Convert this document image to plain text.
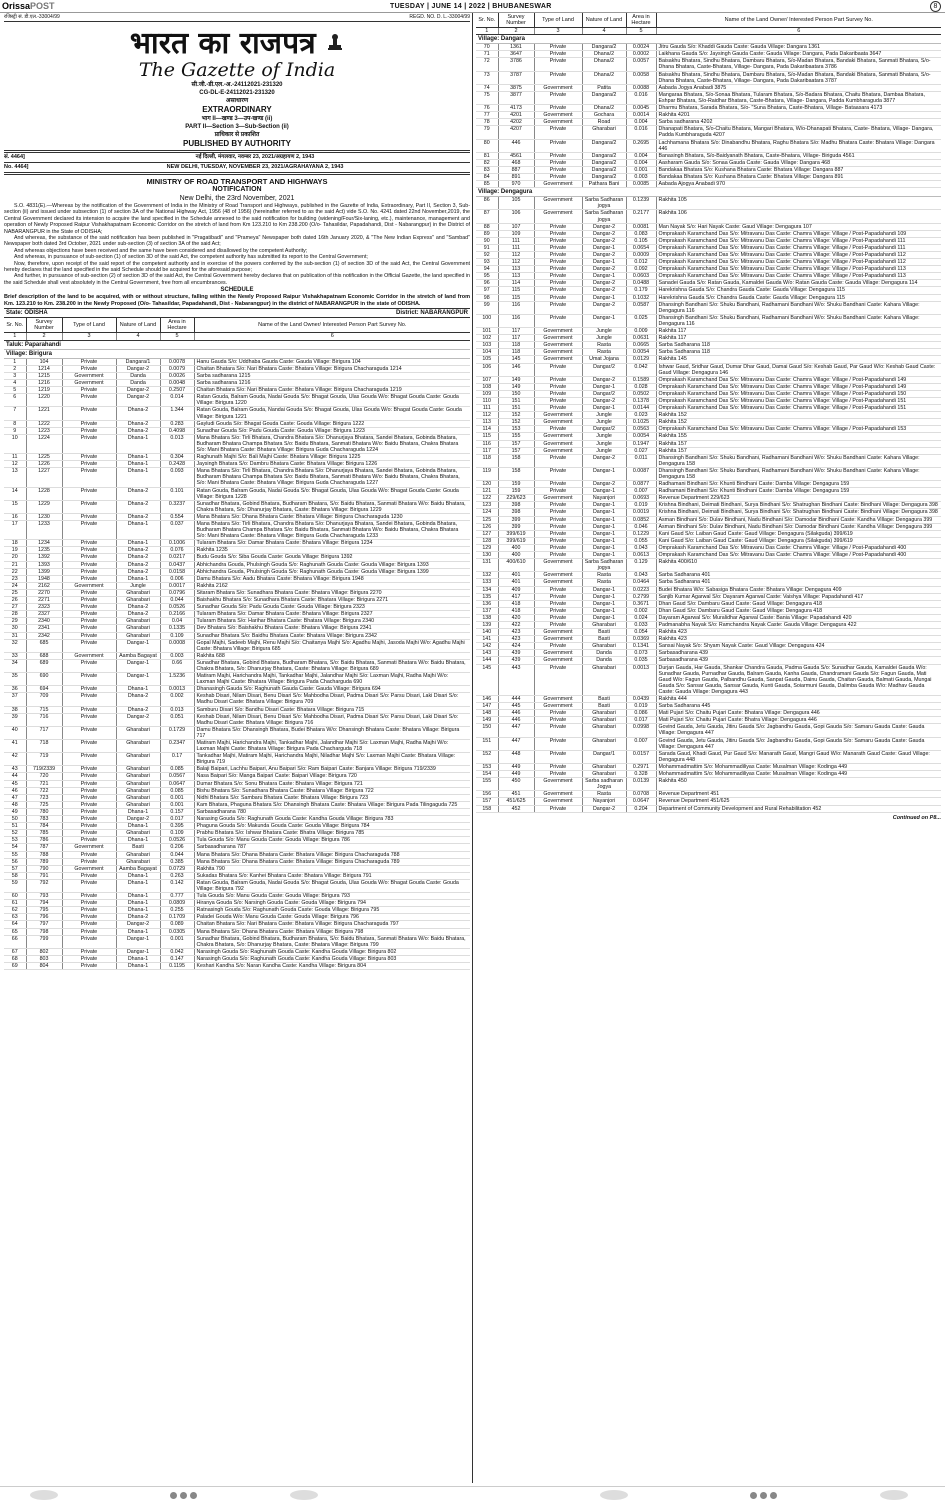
OrissaPOST	TUESDAY | JUNE 14 | 2022 | BHUBANESWAR	8
रजिस्ट्री सं. डी.एल.-33004/99	REGD. NO. D. L.-33004/99
भारत का राजपत्र
The Gazette of India
सी.जी.-डी.एल.-अ.-24112021-231320
CG-DL-E-24112021-231320
असाधारण
EXTRAORDINARY
भाग II—खण्ड 3—उप-खण्ड (ii)
PART II—Section 3—Sub-Section (ii)
प्राधिकार से प्रकाशित
PUBLISHED BY AUTHORITY
सं. 4464]	नई दिल्ली, मंगलवार, नवम्बर 23, 2021/अग्रहायण 2, 1943
No. 4464]	NEW DELHI, TUESDAY, NOVEMBER 23, 2021/AGRAHAYANA 2, 1943
MINISTRY OF ROAD TRANSPORT AND HIGHWAYS
NOTIFICATION
New Delhi, the 23rd November, 2021

S.O. 4831(E).—Whereas by the notification of the Government of India in the Ministry of Road Transport and Highways, published in the Gazette of India, Extraordinary, Part II, Section 3, Sub-section (ii) and issued under subsection (1) of section 3A of the National Highway Act, 1956 (48 of 1956) (hereinafter referred to as the said Act) vide S.O. No. 4241 dated 22nd November,2019, the Central Government declared its intension to acquire the land specified in the Schedule annexed to the said notification for building (widening/Four/Six-laning, etc.), maintenance, management and operation of Newly Proposed Raipur Vishakhapatnam Economic Corridor on the stretch of land from Km 123.210 to Km 238.200 (O/o- Tahasildar, Papadahandi, Dist - Nabarangpur) in the District of NABARANGPUR in the State of ODISHA;

And whereas, the substance of the said notification has been published in "Pragatibadi" and "Prameya" Newspaper both dated 16th January 2020, & "The New Indian Express" and "Sambad" Newspaper both dated 3rd October, 2021 under sub-section (3) of section 3A of the said Act;

And whereas objections have been received and the same have been considered and disallowed by the competent Authority;

And whereas, in pursuance of sub-section (1) of section 3D of the said Act, the competent authority has submitted its report to the Central Government;

Now, therefore, upon receipt of the said report of the competent authority and in exercise of the powers conferred by the sub-section (1) of section 3D of the said Act, the Central Government hereby declares that the land specified in the said Schedule should be acquired for the aforesaid purpose;

And further, in pursuance of sub-section (2) of section 3D of the said Act, the Central Government hereby declares that on publication of this notification in the Official Gazette, the land specified in the said Schedule shall vest absolutely in the Central Government, free from all encumbrances.

SCHEDULE
Brief description of the land to be acquired, with or without structure, falling within the Newly Proposed Raipur Vishakhapatnam Economic Corridor in the stretch of land from Km. 123.210 to Km. 238.200 in the Newly Proposed (O/o- Tahasildar, Papadahandi, Dist - Nabarangpur) in the district of NABARANGPUR in the state of ODISHA.
State: ODISHA	District: NABARANGPUR
Sr. No.	Survey Number	Type of Land	Nature of Land	Area in Hectare	Name of the Land Owner/ Interested Person Part Survey No.
1	2	3	4	5	6
Taluk: Paparahandi					
Village: Birigura					
1	104	Private	Dangara/1	0.0078	Hanu Gauda S/o: Uddhaba Gauda Caste: Gauda Village: Birigura 104
2	1214	Private	Dangar-2	0.0079	Chaitan Bhatara S/o: Nari Bhatara Caste: Bhatara Village: Birigura Chacharaguda 1214
3	1215	Government	Danda	0.0026	Sarba sadharana 1215
4	1216	Government	Danda	0.0048	Sarba sadharana 1216
5	1219	Private	Dangar-2	0.2507	Chaitan Bhatara S/o: Nari Bhatara Caste: Bhatara Village: Birigura Chacharaguda 1219
6	1220	Private	Dangar-2	0.014	Ratan Gouda, Balram Gouda, Nadai Gouda S/o: Bhagat Gouda, Ulas Gouda W/o: Bhagat Gouda Caste: Gouda Village: Birigura 1220
7	1221	Private	Dhana-2	1.344	Ratan Gouda, Balram Gouda, Nandai Gouda S/o: Bhagat Gouda, Ulas Gouda W/o: Bhagat Gouda Caste: Gouda Village: Birigura 1221
8	1222	Private	Dhana-2	0.283	Gayludi Gouda S/o: Bhagat Gouda Caste: Gouda Village: Birigura 1222
9	1223	Private	Dhana-2	0.4098	Sunadhar Gouda S/o: Padu Gouda Caste: Gouda Village: Birigura 1223
10	1224	Private	Dhana-1	0.013	Mana Bhatara S/o: Tirli Bhatara, Chandra Bhatara S/o: Dhanurjaya Bhatara, Sandei Bhatara, Gobinda Bhatara, Budharam Bhatara Champa Bhatara S/o: Baidu Bhatara, Sanmati Bhatara W/o: Baidu Bhatara, Chakra Bhatara S/o: Mani Bhatara Caste: Bhatara Village: Birigura Guda Chacharaguda 1224
11	1225	Private	Dhana-1	0.304	Raghunath Majhi S/o: Bali Majhi Caste: Bhatara Village: Birigura 1225
12	1226	Private	Dhana-1	0.2428	Jaysingh Bhatara S/o: Dambru Bhatara Caste: Bhatara Village: Birigura 1226
13	1227	Private	Dhana-1	0.093	Mana Bhatara S/o: Tirli Bhatara, Chandra Bhatara S/o: Dhanurjaya Bhatara, Sandei Bhatara, Gobinda Bhatara, Budharam Bhatara Champa Bhatara S/o: Baidu Bhatara, Sanmati Bhatara W/o: Baidu Bhatara, Chakra Bhatara, S/o: Mani Bhatara Caste: Bhatara Village: Birigura Guda Chacharaguda 1227
14	1228	Private	Dhana-2	0.101	Ratan Gouda, Balram Gouda, Nadai Gouda S/o: Bhagat Gouda, Ulas Gouda W/o: Bhagat Gouda Caste: Gouda Village: Birigura 1228
15	1229	Private	Dhana-2	0.3237	Sunadhar Bhatara, Gobind Bhatara, Budharam Bhatara, S/o: Baidu Bhatara, Sanmati Bhatara W/o: Baidu Bhatara, Chakra Bhatara, S/o: Dhanurjay Bhatara, Caste: Bhatara Village: Birigura 1229
16	1230	Private	Dhana-2	0.554	Mana Bhatara S/o: Dhana Bhatara Caste: Bhatara Village: Birigura Chacharaguda 1230
17	1233	Private	Dhana-1	0.037	Mana Bhatara S/o: Tirli Bhatara, Chandra Bhatara S/o: Dhanurjaya Bhatara, Sandei Bhatara, Gobinda Bhatara, Budharam Bhatara Champa Bhatara S/o: Baidu Bhatara, Sanmati Bhatara W/o: Baidu Bhatara, Chakra Bhatara S/o: Mani Bhatara Caste: Bhatara Village: Birigura Guda Chacharaguda 1233
18	1234	Private	Dhana-1	0.1006	Tularam Bhatara S/o: Damar Bhatara Caste: Bhatara Village: Birigura 1234
19	1235	Private	Dhana-2	0.076	Rakhita 1235
20	1392	Private	Dhana-2	0.0217	Budu Gouda S/o: Siba Gouda Caste: Gouda Village: Birigura 1392
21	1393	Private	Dhana-2	0.0437	Abhichandra Gouda, Phulsingh Gouda S/o: Raghunath Gouda Caste: Gouda Village: Birigura 1393
22	1399	Private	Dhana-2	0.0158	Abhichandra Gouda, Phulsingh Gouda S/o: Raghunath Gouda Caste: Gouda Village: Birigura 1399
23	1948	Private	Dhana-1	0.006	Damu Bhatara S/o: Aadu Bhatara Caste: Bhatara Village: Birigura 1948
24	2162	Government	Jungle	0.0017	Rakhita 2162
25	2270	Private	Gharabari	0.0796	Sitaram Bhatara S/o: Sunadhara Bhatara Caste: Bhatara Village: Birigura 2270
26	2271	Private	Gharabari	0.044	Baishakhu Bhatara S/o: Sunadhara Bhatara Caste: Bhatara Village: Birigura 2271
27	2323	Private	Dhana-2	0.0526	Sunadhar Gouda S/o: Padu Gouda Caste: Gouda Village: Birigura 2323
28	2327	Private	Dhana-2	0.2166	Tularam Bhatara S/o: Damar Bhatara Caste: Bhatara Village: Birigura 2327
29	2340	Private	Gharabari	0.04	Tularam Bhatara S/o: Harihar Bhatara Caste: Bhatara Village: Birigura 2340
30	2341	Private	Gharabari	0.1335	Dev Bhatara S/o: Baishakhu Bhatara Caste: Bhatara Village: Birigura 2341
31	2342	Private	Gharabari	0.109	Sunadhar Bhatara S/o: Baidhu Bhatara Caste: Bhatara Village: Birigura 2342
32	685	Private	Dangar-1	0.0008	Gopal Majhi, Sadeeb Majhi, Renu Majhi S/o: Chaitanya Majhi S/o: Agadhu Majhi, Jasoda Majhi W/o: Agadhu Majhi Caste: Bhatara Village: Birigura 685
33	688	Government	Aamba Bagayat	0.003	Rakhita 688
34	689	Private	Dangar-1	0.66	Sunadhar Bhatara, Gobind Bhatara, Budharam Bhatara, S/o: Baidu Bhatara, Sanmati Bhatara W/o: Baidu Bhatara, Chakra Bhatara, S/o: Dhanurjay Bhatara, Caste: Bhatara Village: Birigura 689
35	690	Private	Dangar-1	1.5236	Matiram Majhi, Harichandra Majhi, Tankadhar Majhi, Jalandhar Majhi S/o: Laxman Majhi, Radha Majhi W/o: Laxman Majhi Caste: Bhatara Village: Birigura Pada Chacharguda 690
36	694	Private	Dhana-1	0.0013	Dhanasingh Gauda S/o: Raghunath Gauda Caste: Gauda Village: Birigura 694
37	709	Private	Dhana-2	0.002	Keshab Disari, Nilam Disari, Benu Disari S/o: Mahbodha Disari, Padma Disari S/o: Parsu Disari, Laki Disari S/o: Madhu Disari Caste: Bhatara Village: Birigura 709
38	715	Private	Dhana-2	0.013	Samburu Disari S/o: Bandhu Disari Caste: Bhatara Village: Birigura 715
39	716	Private	Dangar-2	0.051	Keshab Disari, Nilam Disari, Benu Disari S/o: Mahbodha Disari, Padma Disari S/o: Parsu Disari, Laki Disari S/o: Madhu Disari Caste: Bhatara Village: Birigura 716
40	717	Private	Gharabari	0.1729	Damu Bhatara S/o: Dhansingh Bhatara, Budei Bhatara W/o: Dhansingh Bhatara Caste: Bhatara Village: Birigura 717
41	718	Private	Gharabari	0.2347	Matiram Majhi, Harichandra Majhi, Tankadhar Majhi, Jalandhar Majhi S/o: Laxman Majhi, Radha Majhi W/o: Laxman Majhi Caste: Bhatara Village: Birigura Pada Chacharguda 718
42	719	Private	Gharabari	0.17	Tankadhar Majhi, Matiram Majhi, Harichandra Majhi, Niladhar Majhi S/o: Laxman Majhi Caste: Bhatara Village: Birigura 719
43	719/2339	Private	Gharabari	0.085	Balaji Baipari, Lachhu Baipari, Anu Baipari S/o: Ram Baipari Caste: Banjara Village: Birigura 719/2339
44	720	Private	Gharabari	0.0567	Nasa Baipari S/o: Manga Baipari Caste: Baipari Village: Birigura 720
45	721	Private	Gharabari	0.0647	Dumar Bhatara S/o: Sonu Bhatara Caste: Bhatara Village: Birigura 721
46	722	Private	Gharabari	0.085	Bishu Bhatara S/o: Sunadhara Bhatara Caste: Bhatara Village: Birigura 722
47	723	Private	Gharabari	0.001	Nidhi Bhatara S/o: Sambaru Bhatara Caste: Bhatara Village: Birigura 723
48	725	Private	Gharabari	0.001	Kam Bhatara, Phaguna Bhatara S/o: Dhansingh Bhatara Caste: Bhatara Village: Birigura Pada Tilingaguda 725
49	780	Private	Dhana-1	0.157	Sarbasadharana 780
50	783	Private	Dangar-2	0.017	Narasing Gouda S/o: Raghunath Gouda Caste: Kandha Gouda Village: Birigura 783
51	784	Private	Dhana-1	0.395	Phaguna Gouda S/o: Makunda Gouda Caste: Gouda Village: Birigura 784
52	785	Private	Gharabari	0.109	Prabhu Bhatara S/o: Ishwar Bhatara Caste: Bhatra Village: Birigura 785
53	786	Private	Dhana-1	0.0526	Tula Gouda S/o: Manu Gouda Caste: Gouda Village: Birigura 786
54	787	Government	Basti	0.206	Sarbasadharana 787
55	788	Private	Gharabari	0.044	Mana Bhatara S/o: Dhana Bhatara Caste: Bhatara Village: Birigura Chacharaguda 788
56	789	Private	Gharabari	0.385	Mana Bhatara S/o: Dhana Bhatara Caste: Bhatara Village: Birigura Chacharaguda 789
57	790	Government	Aamba Bagayat	0.0729	Rakhita 790
58	791	Private	Dhana-1	0.263	Sukadas Bhatara S/o: Kanhei Bhatara Caste: Bhatara Village: Birigura 791
59	792	Private	Dhana-1	0.142	Ratan Gouda, Balram Gouda, Nadai Gouda S/o: Bhagat Gouda, Ulas Gouda W/o: Bhagat Gouda Caste: Gouda Village: Birigura 792
60	793	Private	Dhana-1	0.777	Tula Gouda S/o: Manu Gouda Caste: Gouda Village: Birigura 793
61	794	Private	Dhana-1	0.0809	Hiranya Gouda S/o: Narsingh Gouda Caste: Gouda Village: Birigura 794
62	795	Private	Dhana-1	0.255	Ratnasingh Gouda S/o: Raghunath Gouda Caste: Gouda Village: Birigura 795
63	796	Private	Dhana-2	0.1709	Paladei Gouda W/o: Manu Gouda Caste: Gouda Village: Birigura 796
64	797	Private	Dangar-2	0.089	Chaitan Bhatara S/o: Nari Bhatara Caste: Bhatara Village: Birigura Chacharaguda 797
65	798	Private	Dhana-1	0.0305	Mana Bhatara S/o: Dhana Bhatara Caste: Bhatara Village: Birigura 798
66	799	Private	Dangar-1	0.001	Sunadhar Bhatara, Gobind Bhatara, Budharam Bhatara, S/o: Baidu Bhatara, Sanmati Bhatara W/o: Baidu Bhatara, Chakra Bhatara, S/o: Dhanurjay Bhatara, Caste: Bhatara Village: Birigura 799
67	802	Private	Dangar-1	0.042	Narasingh Gouda S/o: Raghunath Gouda Caste: Kandha Gouda Village: Birigura 802
68	803	Private	Dhana-1	0.147	Narasingh Gouda S/o: Raghunath Gouda Caste: Kandha Gouda Village: Birigura 803
69	804	Private	Dhana-1	0.1195	Keshari Kandha S/o: Naran Kandha Caste: Kandha Village: Birigura 804
Sr. No.	Survey Number	Type of Land	Nature of Land	Area in Hectare	Name of the Land Owner/ Interested Person Part Survey No.
1	2	3	4	5	6
Village: Dangara					
70	1361	Private	Dangara/2	0.0024	Jitru Gauda S/o: Khaddi Gauda Caste: Gauda Village: Dangara 1361
71	3647	Private	Dhana/2	0.0002	Laikhana Gauda S/o: Jaysingh Gauda Caste: Gauda Village: Dangara, Pada Dakaribaata 3647
72	3786	Private	Dhana/2	0.0057	Baisakhu Bhatara, Sindhu Bhatara, Dambaru Bhatara, S/o-Madan Bhatara, Bandaki Bhatara, Sanmati Bhatara, S/o- Dhana Bhatara, Caste-Bhatara, Village- Dangara, Pada Dakaribaatara 3786
73	3787	Private	Dhana/2	0.0058	Baisakhu Bhatara, Sindhu Bhatara, Dambaru Bhatara, S/o-Madan Bhatara, Bandaki Bhatara, Sanmati Bhatara, S/o- Dhana Bhatara, Caste-Bhatara, Village- Dangara, Pada Dakaribaatara 3787
74	3875	Government	Patita	0.0088	Aabada Jogya Anabadi 3875
75	3877	Private	Dangara/2	0.016	Mangaraa Bhatara, S/o-Sonaa Bhatara, Tularam Bhatara, S/o-Badara Bhatara, Chaitu Bhatara, Dambaa Bhatara, Eshpar Bhatara, S/o-Raidhar Bhatara, Caste-Bhatara, Village- Dangara, Padda Kumbharaguda 3877
76	4173	Private	Dhana/2	0.0045	Dharmu Bhatara, Sarada Bhatara, S/o- "Suna Bhatara, Caste-Bhatara, Village- Bataasara 4173
77	4201	Government	Gochara	0.0014	Rakhita 4201
78	4202	Government	Road	0.004	Sarba sadharana 4202
79	4207	Private	Gharabari	0.016	Dhanapati Bhatara, S/o-Chaitu Bhatara, Mangari Bhatara, W/o-Dhanapati Bhatara, Caste- Bhatara, Village- Dangara, Padda Kumbharaguda 4207
80	446	Private	Dangara/2	0.2695	Lachhamana Bhatara S/o: Dinabandhu Bhatara, Raghu Bhatara S/o: Madhu Bhatara Caste: Bhatara Village: Dangara 446
81	4561	Private	Dangara/2	0.004	Banasingh Bhatara, S/o-Baidyanath Bhatara, Caste-Bhatara, Village- Birigudа 4561
82	468	Private	Dangara/2	0.004	Aasharam Gauda S/o: Sonaa Gauda Caste: Gauda Village: Dangara 468
83	887	Private	Dangara/2	0.001	Bandakaa Bhatara S/o: Kushana Bhatara Caste: Bhatara Village: Dangara 887
84	891	Private	Dangara/2	0.003	Bandakaa Bhatara S/o: Kushana Bhatara Caste: Bhatara Village: Dangara 891
85	970	Government	Pathara Bani	0.0085	Aabada Ajogya Anabadi 970
Village: Dengagura					
86	105	Government	Sarba Sadharan jogya	0.1239	Rakhita 105
87	106	Government	Sarba Sadharan jogya	0.2177	Rakhita 106
88	107	Private	Dangar-2	0.0081	Man Nayak S/o: Hari Nayak Caste: Gaud Village: Dengagura 107
89	109	Private	Dangar-2	0.083	Omprakash Karamchand Das S/o: Mitravanu Das Caste: Chamra Village: Village / Post-Papadahandi 109
90	111	Private	Dangar-2	0.105	Omprakash Karamchand Das S/o: Mitravanu Das Caste: Chamra Village: Village / Post-Papadahandi 111
91	111	Private	Dangar-1	0.0654	Omprakash Karamchand Das S/o: Mitravanu Das Caste: Chamra Village: Village / Post-Papadahandi 111
92	112	Private	Dangar-2	0.0009	Omprakash Karamchand Das S/o: Mitravanu Das Caste: Chamra Village: Village / Post-Papadahandi 112
93	112	Private	Dangar-1	0.012	Omprakash Karamchand Das S/o: Mitravanu Das Caste: Chamra Village: Village / Post-Papadahandi 112
94	113	Private	Dangar-2	0.092	Omprakash Karamchand Das S/o: Mitravanu Das Caste: Chamra Village: Village / Post-Papadahandi 113
95	113	Private	Dangar-1	0.0603	Omprakash Karamchand Das S/o: Mitravanu Das Caste: Chamra Village: Village / Post-Papadahandi 113
96	114	Private	Dangar-2	0.0488	Sanadei Gauda S/o: Ratan Gauda, Kamaldei Gauda W/o: Ratan Gauda Caste: Gauda Village: Dengagura 114
97	115	Private	Dangar-2	0.179	Harekrishna Gauda S/o: Chandra Gauda Caste: Gauda Village: Dengagura 115
98	115	Private	Dangar-1	0.1032	Harekrishna Gauda S/o: Chandra Gauda Caste: Gauda Village: Dengagura 115
99	116	Private	Dangar-2	0.0587	Dhansingh Bandhani S/o: Shuku Bandhani, Radhamani Bandhani W/o: Shuku Bandhani Caste: Kahara Village: Dengagura 116
100	116	Private	Dangar-1	0.025	Dhansingh Bandhani S/o: Shuku Bandhani, Radhamani Bandhani W/o: Shuku Bandhani Caste: Kahara Village: Dengagura 116
101	117	Government	Jungle	0.009	Rakhita 117
102	117	Government	Jungle	0.0631	Rakhita 117
103	118	Government	Rasta	0.0665	Sarba Sadharana 118
104	118	Government	Rasta	0.0054	Sarba Sadharana 118
105	145	Government	Umat Jojana	0.0129	Rakhita 145
106	146	Private	Dangar/2	0.042	Ishwar Gaud, Sridhar Gaud, Dumar Dhar Gaud, Damai Gaud S/o: Keshab Gaud, Par Gaud W/o: Keshab Gaud Caste: Gaud Village: Dengagura 146
107	149	Private	Dangar-2	0.1589	Omprakash Karamchand Das S/o: Mitravanu Das Caste: Chamra Village: Village / Post-Papadahandi 149
108	149	Private	Dangar-1	0.028	Omprakash Karamchand Das S/o: Mitravanu Das Caste: Chamra Village: Village / Post-Papadahandi 149
109	150	Private	Dangar/2	0.0502	Omprakash Karamchand Das S/o: Mitravanu Das Caste: Chamra Village: Village / Post-Papadahandi 150
110	151	Private	Dangar-2	0.1378	Omprakash Karamchand Das S/o: Mitravanu Das Caste: Chamra Village: Village / Post-Papadahandi 151
111	151	Private	Dangar-1	0.0144	Omprakash Karamchand Das S/o: Mitravanu Das Caste: Chamra Village: Village / Post-Papadahandi 151
112	152	Government	Jungle	0.023	Rakhita 152
113	152	Government	Jungle	0.1025	Rakhita 152
114	153	Private	Dangar/2	0.0563	Omprakash Karamchand Das S/o: Mitravanu Das Caste: Chamra Village: Village / Post-Papadahandi 153
115	155	Government	Jungle	0.0054	Rakhita 155
116	157	Government	Jungle	0.1947	Rakhita 157
117	157	Government	Jungle	0.027	Rakhita 157
118	158	Private	Dangar-2	0.011	Dhansingh Bandhani S/o: Shuku Bandhani, Radhamani Bandhani W/o: Shuku Bandhani Caste: Kahara Village: Dengagura 158
119	158	Private	Dangar-1	0.0087	Dhansingh Bandhani S/o: Shuku Bandhani, Radhamani Bandhani W/o: Shuku Bandhani Caste: Kahara Village: Dengagura 158
120	159	Private	Dangar-2	0.0877	Radhamani Bindhani S/o: Khunti Bindhani Caste: Damba Village: Dengagura 159
121	159	Private	Dangar-1	0.007	Radhamani Bindhani S/o: Khunti Bindhani Caste: Damba Village: Dengagura 159
122	229/623	Government	Nayanjori	0.0693	Revenue Department 229/623
123	398	Private	Dangar-1	0.019	Krishna Bindhani, Deimati Bindhani, Surya Bindhani S/o: Shatrughan Bindhani Caste: Bindhani Village: Dengagura 398
124	398	Private	Dangar-1	0.0019	Krishna Bindhani, Deimati Bindhani, Surya Bindhani S/o: Shatrughan Bindhani Caste: Bindhani Village: Dengagura 398
125	399	Private	Dangar-1	0.0852	Asman Bindhani S/o: Dulav Bindhani, Nadu Bindhani S/o: Damodar Bindhani Caste: Kandha Village: Dengagura 399
126	399	Private	Dangar-1	0.046	Asman Bindhani S/o: Dulav Bindhani, Nadu Bindhani S/o: Damodar Bindhani Caste: Kandha Village: Dengagura 399
127	399/619	Private	Dangar-1	0.1229	Kani Gaud S/o: Laiban Gaud Caste: Gaud Village: Dengagura (Silakguda) 399/619
128	399/619	Private	Dangar-1	0.055	Kani Gaud S/o: Laiban Gaud Caste: Gaud Village: Dengagura (Silakguda) 399/619
129	400	Private	Dangar-1	0.043	Omprakash Karamchand Das S/o: Mitravanu Das Caste: Chamra Village: Village / Post-Papadahandi 400
130	400	Private	Dangar-1	0.0613	Omprakash Karamchand Das S/o: Mitravanu Das Caste: Chamra Village: Village / Post-Papadahandi 400
131	400/610	Government	Sarba Sadharan jogya	0.129	Rakhita 400/610
132	401	Government	Rasta	0.043	Sarba Sadharana 401
133	401	Government	Rasta	0.0464	Sarba Sadharana 401
134	409	Private	Dangar-1	0.0223	Budei Bhatara W/o: Sabasiga Bhatara Caste: Bhatara Village: Dengagura 409
135	417	Private	Dangar-1	0.2799	Sanjib Kumar Agarwal S/o: Dayaram Agarwal Caste: Vaishya Village: Papadahandi 417
136	418	Private	Dangar-1	0.3671	Dhan Gaud S/o: Dambaru Gaud Caste: Gaud Village: Dengagura 418
137	418	Private	Dangar-1	0.002	Dhan Gaud S/o: Dambaru Gaud Caste: Gaud Village: Dengagura 418
138	420	Private	Dangar-1	0.024	Dayaram Agarwal S/o: Muralidhar Agarwal Caste: Bania Village: Papadahandi 420
139	422	Private	Gharabari	0.033	Padmanabha Nayak S/o: Ramchandra Nayak Caste: Gauda Village: Dengagura 422
140	423	Government	Basti	0.054	Rakhita 423
141	423	Government	Basti	0.0369	Rakhita 423
142	424	Private	Gharabari	0.1341	Sansai Nayak S/o: Shyam Nayak Caste: Gaud Village: Dengagura 424
143	439	Government	Danda	0.073	Sarbasadharana 439
144	439	Government	Danda	0.035	Sarbasadharana 439
145	443	Private	Gharabari	0.0013	Durjan Gauda, Har Gauda, Shankar Chandra Gauda, Padma Gauda S/o: Sunadhar Gauda, Kamaldei Gauda W/o: Sunadhar Gauda, Purnadhar Gauda, Balram Gauda, Kanha Gauda, Chandramani Gauda S/o: Fagun Gauda, Mati Gaud W/o: Fagun Gauda, Palbandhu Gauda, Sanpat Gauda, Dainu Gauda, Chaitan Gauda, Balmati Gauda, Mungai Gauda S/o: Sansar Gauda, Sansar Gauda, Kunti Gauda, Soiarmuni Gauda, Dalimba Gauda W/o: Madhav Gauda Caste: Gauda Village: Dengagura 443
146	444	Government	Basti	0.0439	Rakhita 444
147	445	Government	Basti	0.019	Sarba Sadharana 445
148	446	Private	Gharabari	0.086	Mati Pujari S/o: Chaitu Pujari Caste: Bhatara Village: Dengagura 446
149	446	Private	Gharabari	0.017	Mati Pujari S/o: Chaitu Pujari Caste: Bhatra Village: Dengagura 446
150	447	Private	Gharabari	0.0998	Govind Gauda, Jetu Gauda, Jitiru Gauda S/o: Jagbandhu Gauda, Gopi Gauda S/o: Samaru Gauda Caste: Gauda Village: Dengagura 447
151	447	Private	Gharabari	0.007	Govind Gauda, Jetu Gauda, Jitiru Gauda S/o: Jagbandhu Gauda, Gopi Gauda S/o: Samaru Gauda Caste: Gauda Village: Dengagura 447
152	448	Private	Dangar/1	0.0157	Sarada Gaud, Khadi Gaud, Pur Gaud S/o: Manarath Gaud, Mangri Gaud W/o: Manarath Gaud Caste: Gaud Village: Dengagura 448
153	449	Private	Gharabari	0.2971	Mohammadmattim S/o: Mohammadiliyas Caste: Musalman Village: Kodinga 449
154	449	Private	Gharabari	0.328	Mohammadmattim S/o: Mohammadiliyas Caste: Musalman Village: Kodinga 449
155	450	Government	Sarba sadharan Jogya	0.0139	Rakhita 450
156	451	Government	Rasta	0.0708	Revenue Department 451
157	451/625	Government	Nayanjori	0.0647	Revenue Department 451/625
158	452	Private	Dangar-2	0.204	Department of Community Development and Rural Rehabilitation 452
Continued on P8...
